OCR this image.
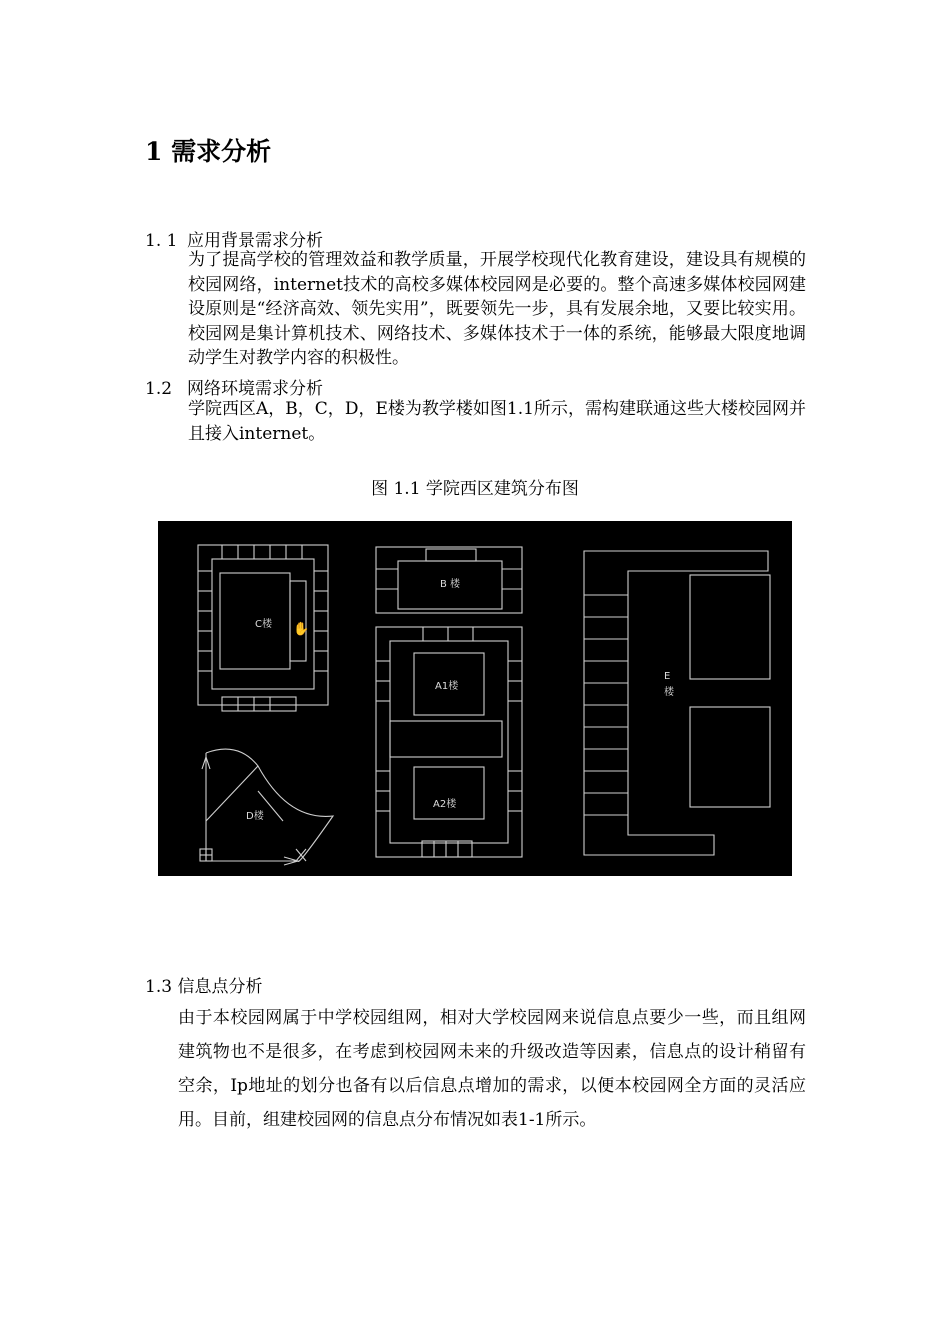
1 需求分析
1. 1 应用背景需求分析

为了提高学校的管理效益和教学质量，开展学校现代化教育建设，建设具有规模的校园网络，internet技术的高校多媒体校园网是必要的。整个高速多媒体校园网建设原则是“经济高效、领先实用”，既要领先一步，具有发展余地，又要比较实用。校园网是集计算机技术、网络技术、多媒体技术于一体的系统，能够最大限度地调动学生对教学内容的积极性。

1.2 网络环境需求分析

学院西区A，B，C，D，E楼为教学楼如图1.1所示，需构建联通这些大楼校园网并且接入internet。

图 1.1 学院西区建筑分布图
C楼 ✋
D楼
B 楼
A1楼
A2楼
E
楼
1.3 信息点分析

由于本校园网属于中学校园组网，相对大学校园网来说信息点要少一些，而且组网建筑物也不是很多，在考虑到校园网未来的升级改造等因素，信息点的设计稍留有空余，Ip地址的划分也备有以后信息点增加的需求，以便本校园网全方面的灵活应用。目前，组建校园网的信息点分布情况如表1-1所示。
